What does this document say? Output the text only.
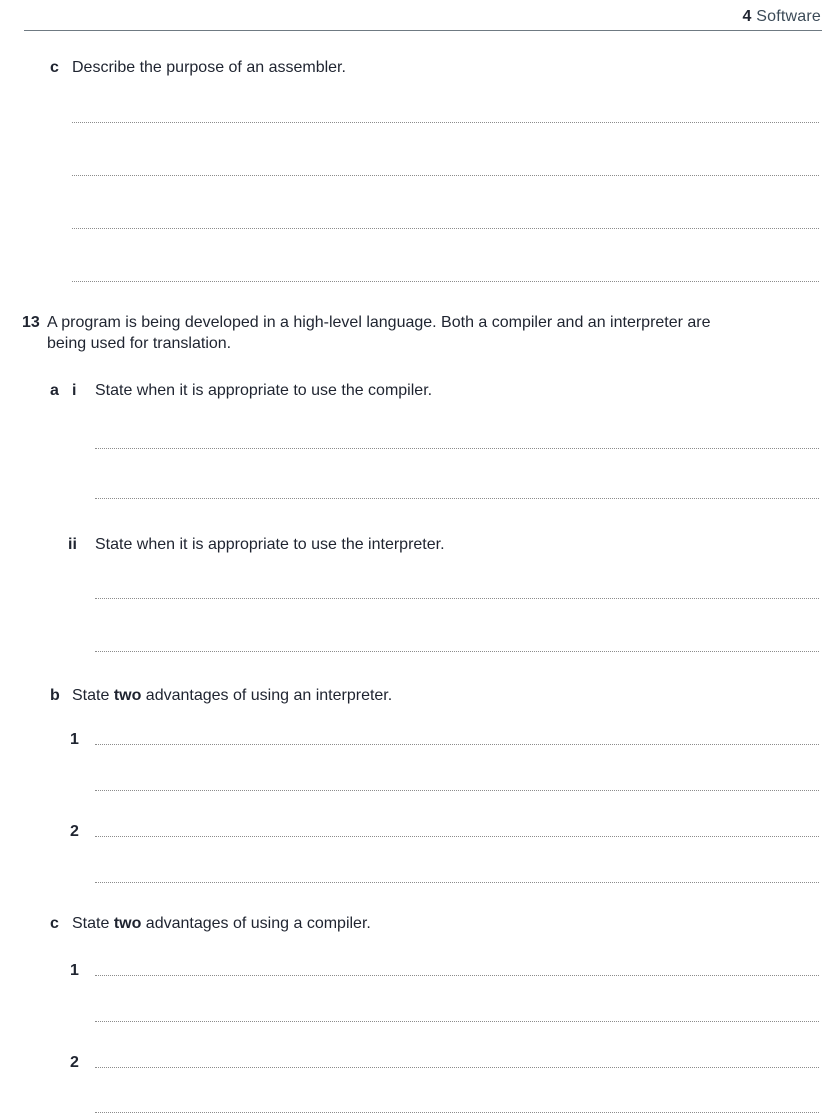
4 Software
c Describe the purpose of an assembler.
13 A program is being developed in a high-level language. Both a compiler and an interpreter are
being used for translation.
a i State when it is appropriate to use the compiler.
ii State when it is appropriate to use the interpreter.
b State two advantages of using an interpreter.
1
2
c State two advantages of using a compiler.
1
2
